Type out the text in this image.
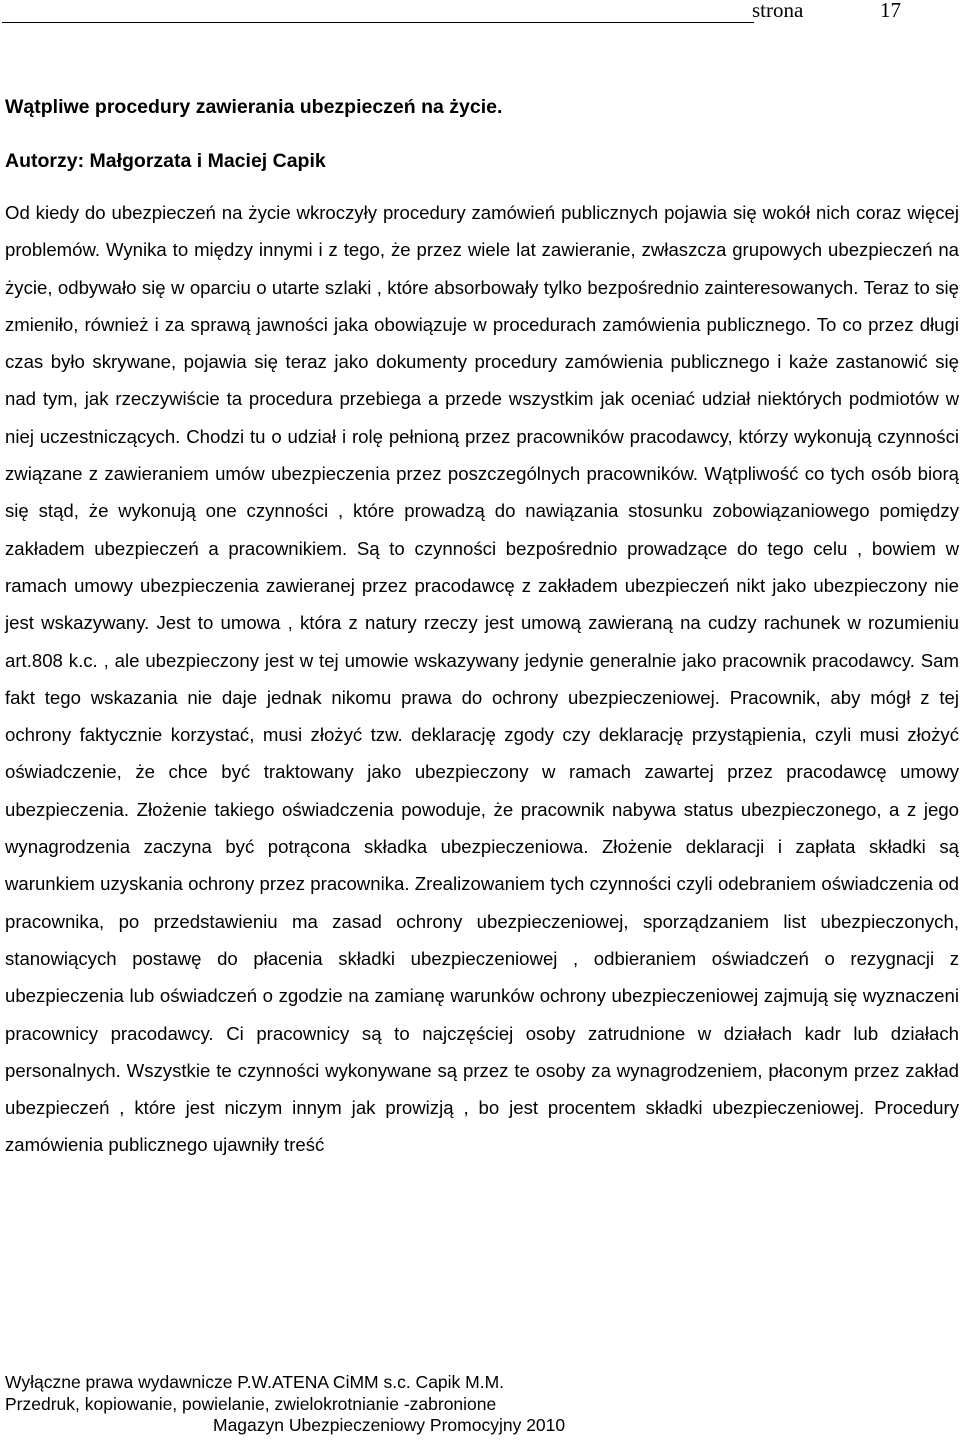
strona	17
Wątpliwe procedury zawierania ubezpieczeń na życie.

Autorzy: Małgorzata i Maciej Capik

Od kiedy do ubezpieczeń na życie wkroczyły procedury zamówień publicznych pojawia się wokół nich coraz więcej problemów. Wynika to między innymi i z tego, że przez wiele lat zawieranie, zwłaszcza grupowych ubezpieczeń na życie, odbywało się w oparciu o utarte szlaki , które absorbowały tylko bezpośrednio zainteresowanych. Teraz to się zmieniło, również i za sprawą jawności jaka obowiązuje w procedurach zamówienia publicznego. To co przez długi czas było skrywane, pojawia się teraz jako dokumenty procedury zamówienia publicznego i każe zastanowić się nad tym, jak rzeczywiście ta procedura przebiega a przede wszystkim jak oceniać udział niektórych podmiotów w niej uczestniczących. Chodzi tu o udział i rolę pełnioną przez pracowników pracodawcy, którzy wykonują czynności związane z zawieraniem umów ubezpieczenia przez poszczególnych pracowników. Wątpliwość co tych osób biorą się stąd, że wykonują one czynności , które prowadzą do nawiązania stosunku zobowiązaniowego pomiędzy zakładem ubezpieczeń a pracownikiem. Są to czynności bezpośrednio prowadzące do tego celu , bowiem w ramach umowy ubezpieczenia zawieranej przez pracodawcę z zakładem ubezpieczeń nikt jako ubezpieczony nie jest wskazywany. Jest to umowa , która z natury rzeczy jest umową zawieraną na cudzy rachunek w rozumieniu art.808 k.c. , ale ubezpieczony jest w tej umowie wskazywany jedynie generalnie jako pracownik pracodawcy. Sam fakt tego wskazania nie daje jednak nikomu prawa do ochrony ubezpieczeniowej. Pracownik, aby mógł z tej ochrony faktycznie korzystać, musi złożyć tzw. deklarację zgody czy deklarację przystąpienia, czyli musi złożyć oświadczenie, że chce być traktowany jako ubezpieczony w ramach zawartej przez pracodawcę umowy ubezpieczenia. Złożenie takiego oświadczenia powoduje, że pracownik nabywa status ubezpieczonego, a z jego wynagrodzenia zaczyna być potrącona składka ubezpieczeniowa. Złożenie deklaracji i zapłata składki są warunkiem uzyskania ochrony przez pracownika. Zrealizowaniem tych czynności czyli odebraniem oświadczenia od pracownika, po przedstawieniu ma zasad ochrony ubezpieczeniowej, sporządzaniem list ubezpieczonych, stanowiących postawę do płacenia składki ubezpieczeniowej , odbieraniem oświadczeń o rezygnacji z ubezpieczenia lub oświadczeń o zgodzie na zamianę warunków ochrony ubezpieczeniowej zajmują się wyznaczeni pracownicy pracodawcy. Ci pracownicy są to najczęściej osoby zatrudnione w działach kadr lub działach personalnych. Wszystkie te czynności wykonywane są przez te osoby za wynagrodzeniem, płaconym przez zakład ubezpieczeń , które jest niczym innym jak prowizją , bo jest procentem składki ubezpieczeniowej. Procedury zamówienia publicznego ujawniły treść

Wyłączne prawa wydawnicze P.W.ATENA CiMM s.c. Capik M.M.
Przedruk, kopiowanie, powielanie, zwielokrotnianie -zabronione
Magazyn Ubezpieczeniowy Promocyjny 2010
